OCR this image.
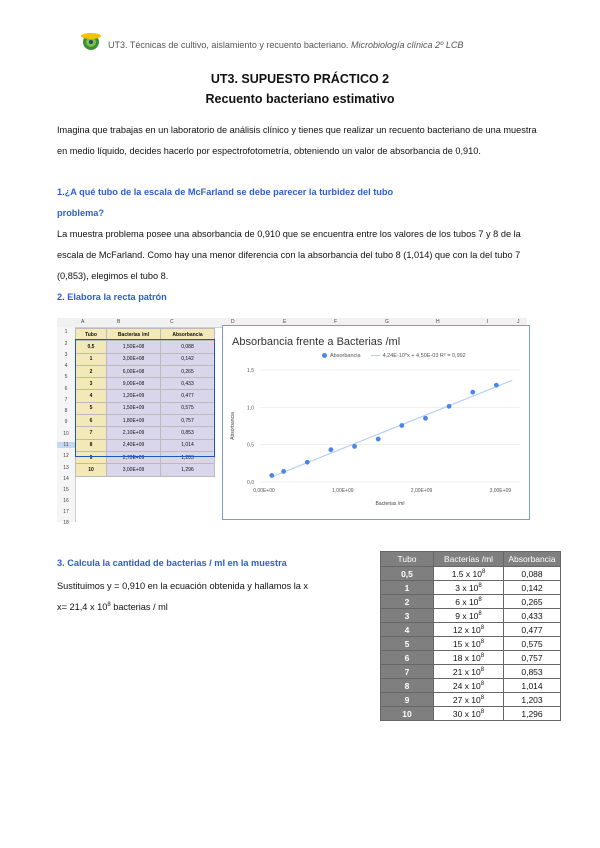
UT3. Técnicas de cultivo, aislamiento y recuento bacteriano. Microbiología clínica 2º LCB
UT3. SUPUESTO PRÁCTICO 2
Recuento bacteriano estimativo
Imagina que trabajas en un laboratorio de análisis clínico y tienes que realizar un recuento bacteriano de una muestra en medio líquido, decides hacerlo por espectrofotometría, obteniendo un valor de absorbancia de 0,910.
1.¿A qué tubo de la escala de McFarland se debe parecer la turbidez del tubo
problema?
La muestra problema posee una absorbancia de 0,910 que se encuentra entre los valores de los tubos 7 y 8 de la escala de McFarland. Como hay una menor diferencia con la absorbancia del tubo 8 (1,014) que con la del tubo 7 (0,853), elegimos el tubo 8.
2. Elabora la recta patrón
A	B	C	D	E	F	G	H	I	J
1
2
3
4
5
6
7
8
9
10
11
12
13
14
15
16
17
18
Tubo	Bacterias /ml	Absorbancia
0,5	1,50E+08	0,088
1	3,00E+08	0,142
2	6,00E+08	0,265
3	9,00E+08	0,433
4	1,20E+09	0,477
5	1,50E+09	0,575
6	1,80E+09	0,757
7	2,10E+09	0,853
8	2,40E+09	1,014
9	2,70E+09	1,203
10	3,00E+09	1,296
Absorbancia frente a Bacterias /ml
Absorbancia	4,24E-10*x + 4,50E-03 R² = 0,992
0,0
0,5
1,0
1,5
0,00E+00	1,00E+09	2,00E+09	3,00E+09
Bacterias /ml
Absorbancia
3. Calcula la cantidad de bacterias / ml en la muestra
Sustituimos y = 0,910 en la ecuación obtenida y hallamos la x
x= 21,4 x $10^8$ bacterias / ml
Tubo	Bacterias /ml	Absorbancia
0,5	1.5 x $10^8$	0,088
1	3 x $10^8$	0,142
2	6 x $10^8$	0,265
3	9 x $10^8$	0,433
4	12 x $10^8$	0,477
5	15 x $10^8$	0,575
6	18 x $10^8$	0,757
7	21 x $10^8$	0,853
8	24 x $10^8$	1,014
9	27 x $10^8$	1,203
10	30 x $10^8$	1,296
